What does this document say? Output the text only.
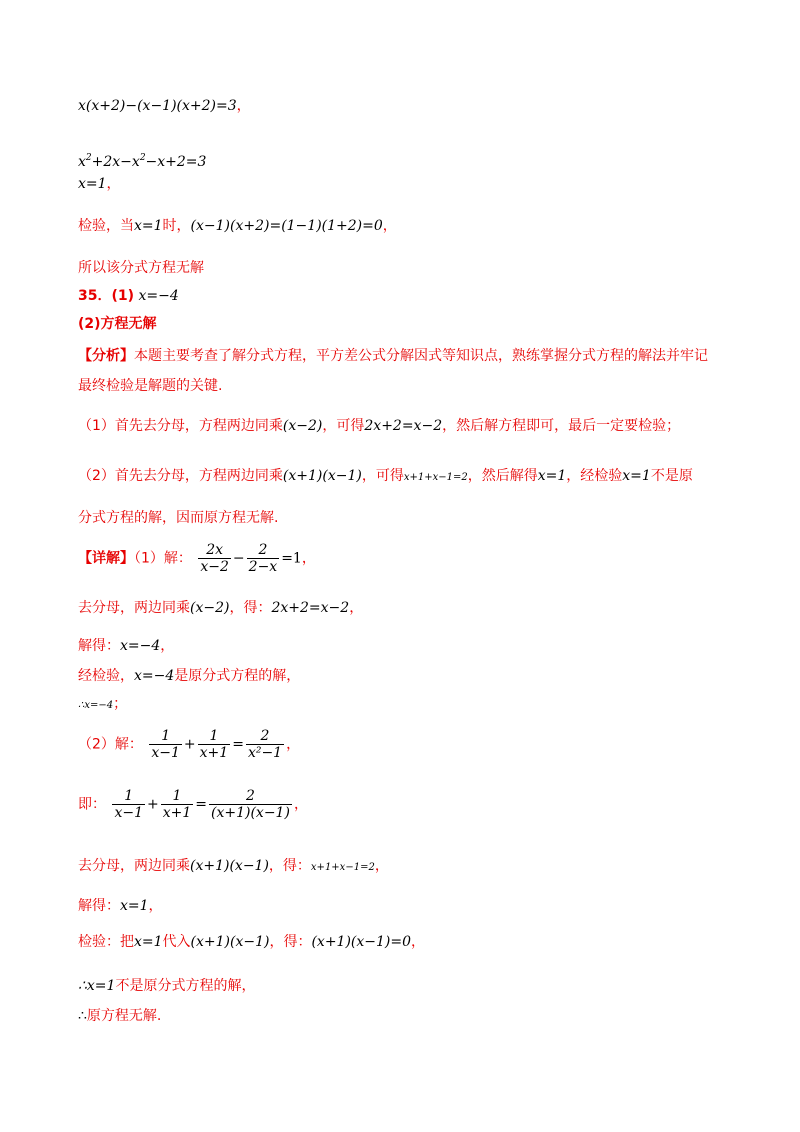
x(x+2)−(x−1)(x+2)=3，
$x^2+2x-x^2-x+2=3$
x=1，
检验，当x=1时，(x−1)(x+2)=(1−1)(1+2)=0，
所以该分式方程无解
35．(1) x=−4
(2)方程无解
【分析】本题主要考查了解分式方程，平方差公式分解因式等知识点，熟练掌握分式方程的解法并牢记
最终检验是解题的关键.
（1）首先去分母，方程两边同乘(x−2)，可得2x+2=x−2，然后解方程即可，最后一定要检验；
（2）首先去分母，方程两边同乘(x+1)(x−1)，可得x+1+x−1=2，然后解得x=1，经检验x=1不是原
分式方程的解，因而原方程无解.
【详解】（1）解： $\frac{2x}{x-2} - \frac{2}{2-x} =1$，
去分母，两边同乘(x−2)，得：2x+2=x−2，
解得：x=−4，
经检验，x=−4是原分式方程的解，
∴x=−4；
（2）解： $\frac{1}{x-1} + \frac{1}{x+1} = \frac{2}{\text{x²−1}}$ ，
即： $\frac{1}{x-1} + \frac{1}{x+1} = \frac{2}{(x+1)(x-1)}$ ，
去分母，两边同乘(x+1)(x−1)，得：x+1+x−1=2，
解得：x=1，
检验：把x=1代入(x+1)(x−1)，得：(x+1)(x−1)=0，
∴x=1不是原分式方程的解，
∴原方程无解.
